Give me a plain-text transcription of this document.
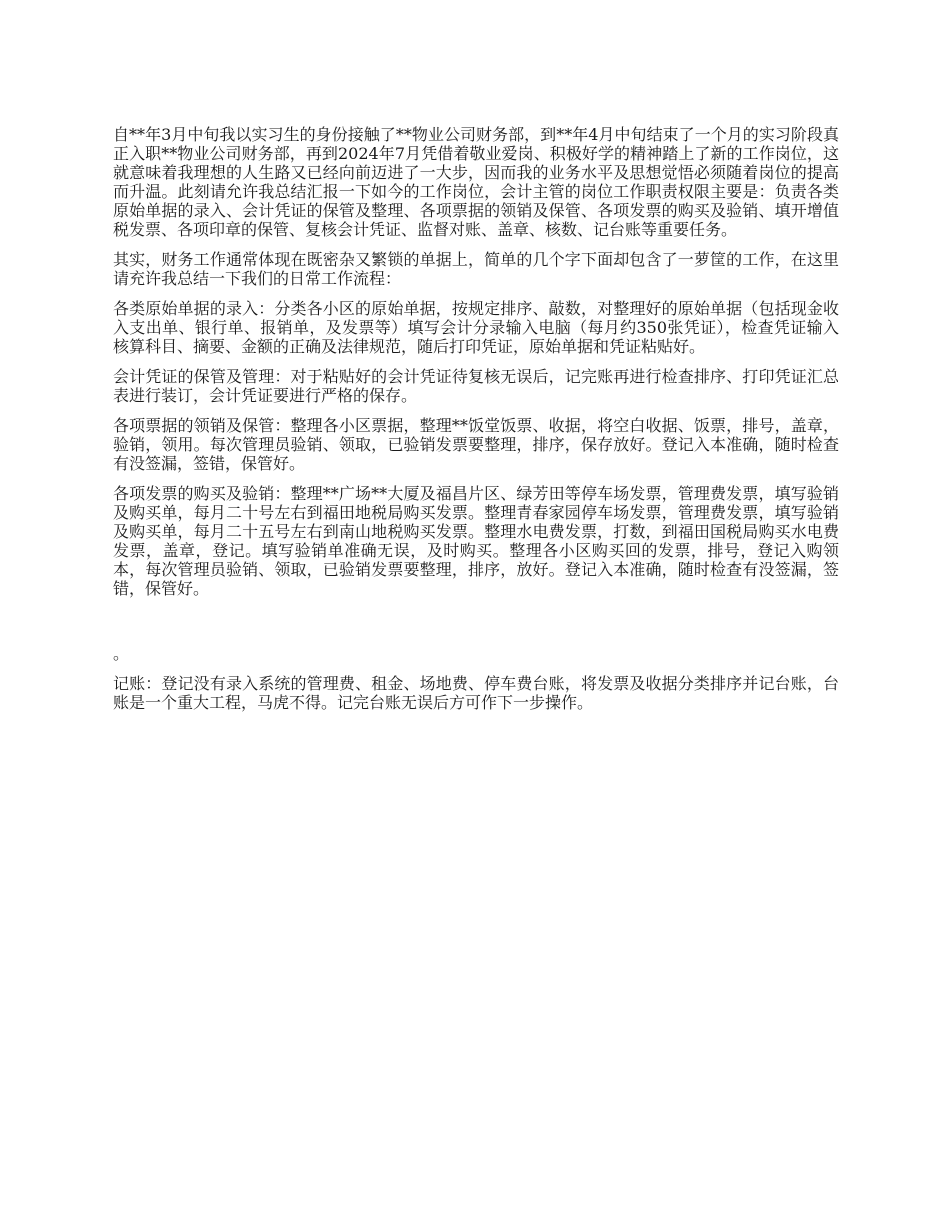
自**年3月中旬我以实习生的身份接触了**物业公司财务部，到**年4月中旬结束了一个月的实习阶段真正入职**物业公司财务部，再到2024年7月凭借着敬业爱岗、积极好学的精神踏上了新的工作岗位，这就意味着我理想的人生路又已经向前迈进了一大步，因而我的业务水平及思想觉悟必须随着岗位的提高而升温。此刻请允许我总结汇报一下如今的工作岗位，会计主管的岗位工作职责权限主要是：负责各类原始单据的录入、会计凭证的保管及整理、各项票据的领销及保管、各项发票的购买及验销、填开增值税发票、各项印章的保管、复核会计凭证、监督对账、盖章、核数、记台账等重要任务。

其实，财务工作通常体现在既密杂又繁锁的单据上，简单的几个字下面却包含了一萝筐的工作，在这里请充许我总结一下我们的日常工作流程：

各类原始单据的录入：分类各小区的原始单据，按规定排序、敲数，对整理好的原始单据（包括现金收入支出单、银行单、报销单，及发票等）填写会计分录输入电脑（每月约350张凭证），检查凭证输入核算科目、摘要、金额的正确及法律规范，随后打印凭证，原始单据和凭证粘贴好。

会计凭证的保管及管理：对于粘贴好的会计凭证待复核无误后，记完账再进行检查排序、打印凭证汇总表进行装订，会计凭证要进行严格的保存。

各项票据的领销及保管：整理各小区票据，整理**饭堂饭票、收据，将空白收据、饭票，排号，盖章，验销，领用。每次管理员验销、领取，已验销发票要整理，排序，保存放好。登记入本准确，随时检查有没签漏，签错，保管好。

各项发票的购买及验销：整理**广场**大厦及福昌片区、绿芳田等停车场发票，管理费发票，填写验销及购买单，每月二十号左右到福田地税局购买发票。整理青春家园停车场发票，管理费发票，填写验销及购买单，每月二十五号左右到南山地税购买发票。整理水电费发票，打数，到福田国税局购买水电费发票，盖章，登记。填写验销单准确无误，及时购买。整理各小区购买回的发票，排号，登记入购领本，每次管理员验销、领取，已验销发票要整理，排序，放好。登记入本准确，随时检查有没签漏，签错，保管好。

。

记账：登记没有录入系统的管理费、租金、场地费、停车费台账，将发票及收据分类排序并记台账，台账是一个重大工程，马虎不得。记完台账无误后方可作下一步操作。
